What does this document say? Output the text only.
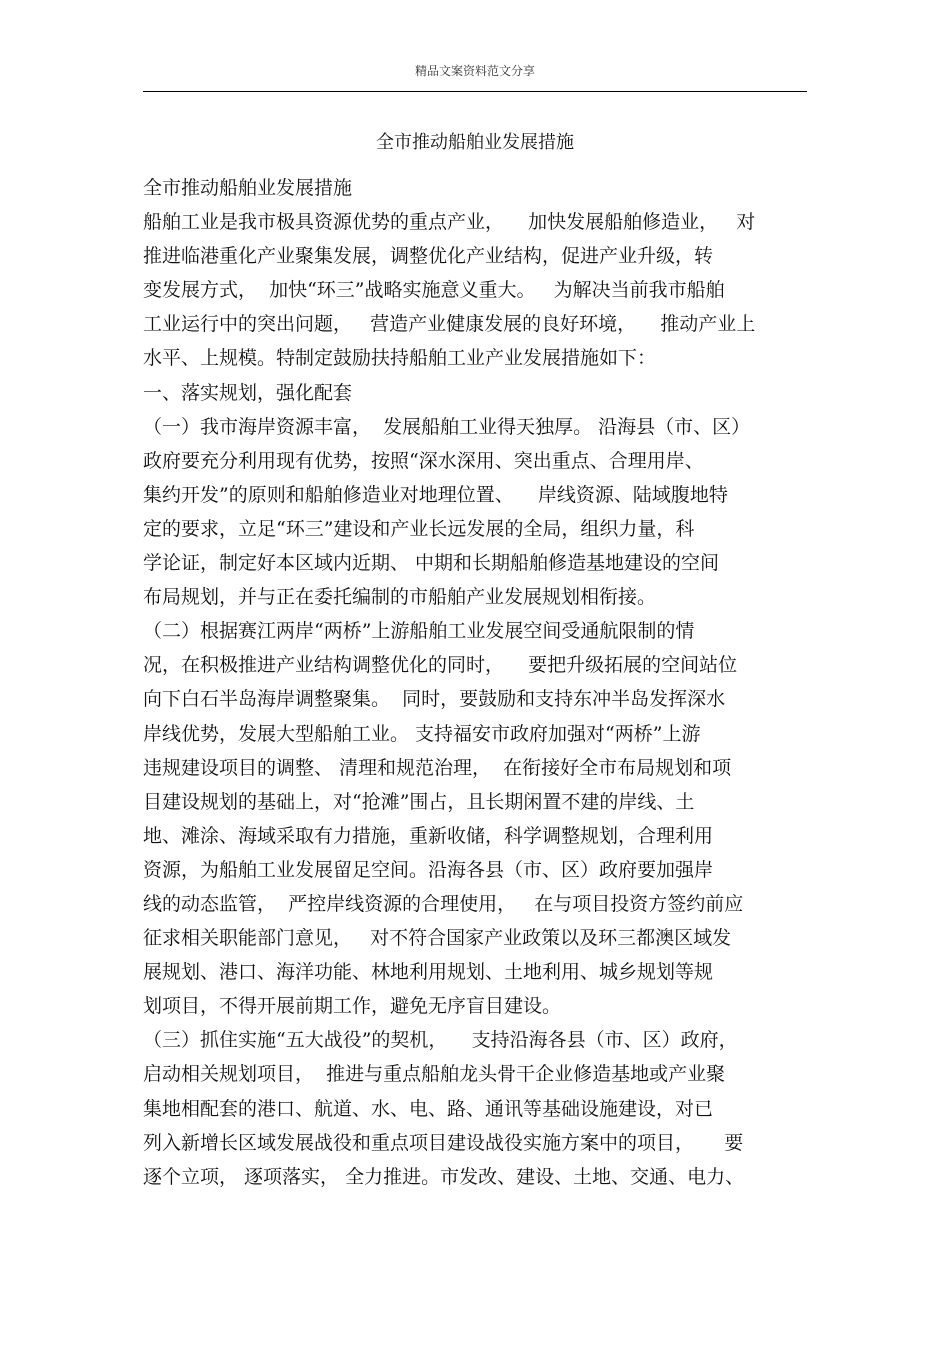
精品文案资料范文分享
全市推动船舶业发展措施
全市推动船舶业发展措施
船舶工业是我市极具资源优势的重点产业，    加快发展船舶修造业，   对
推进临港重化产业聚集发展，调整优化产业结构，促进产业升级，转
变发展方式，  加快“环三”战略实施意义重大。   为解决当前我市船舶
工业运行中的突出问题，   营造产业健康发展的良好环境，    推动产业上
水平、上规模。特制定鼓励扶持船舶工业产业发展措施如下：
一、落实规划，强化配套
（一）我市海岸资源丰富，  发展船舶工业得天独厚。 沿海县（市、区）
政府要充分利用现有优势，按照“深水深用、突出重点、合理用岸、
集约开发”的原则和船舶修造业对地理位置、    岸线资源、陆域腹地特
定的要求，立足“环三”建设和产业长远发展的全局，组织力量，科
学论证，制定好本区域内近期、 中期和长期船舶修造基地建设的空间
布局规划，并与正在委托编制的市船舶产业发展规划相衔接。
（二）根据赛江两岸“两桥”上游船舶工业发展空间受通航限制的情
况，在积极推进产业结构调整优化的同时，    要把升级拓展的空间站位
向下白石半岛海岸调整聚集。  同时，要鼓励和支持东冲半岛发挥深水
岸线优势，发展大型船舶工业。 支持福安市政府加强对“两桥”上游
违规建设项目的调整、 清理和规范治理，  在衔接好全市布局规划和项
目建设规划的基础上，对“抢滩”围占，且长期闲置不建的岸线、土
地、滩涂、海域采取有力措施，重新收储，科学调整规划，合理利用
资源，为船舶工业发展留足空间。沿海各县（市、区）政府要加强岸
线的动态监管，  严控岸线资源的合理使用，   在与项目投资方签约前应
征求相关职能部门意见，   对不符合国家产业政策以及环三都澳区域发
展规划、港口、海洋功能、林地利用规划、土地利用、城乡规划等规
划项目，不得开展前期工作，避免无序盲目建设。
（三）抓住实施“五大战役”的契机，    支持沿海各县（市、区）政府，
启动相关规划项目，  推进与重点船舶龙头骨干企业修造基地或产业聚
集地相配套的港口、航道、水、电、路、通讯等基础设施建设，对已
列入新增长区域发展战役和重点项目建设战役实施方案中的项目，     要
逐个立项， 逐项落实， 全力推进。市发改、建设、土地、交通、电力、
